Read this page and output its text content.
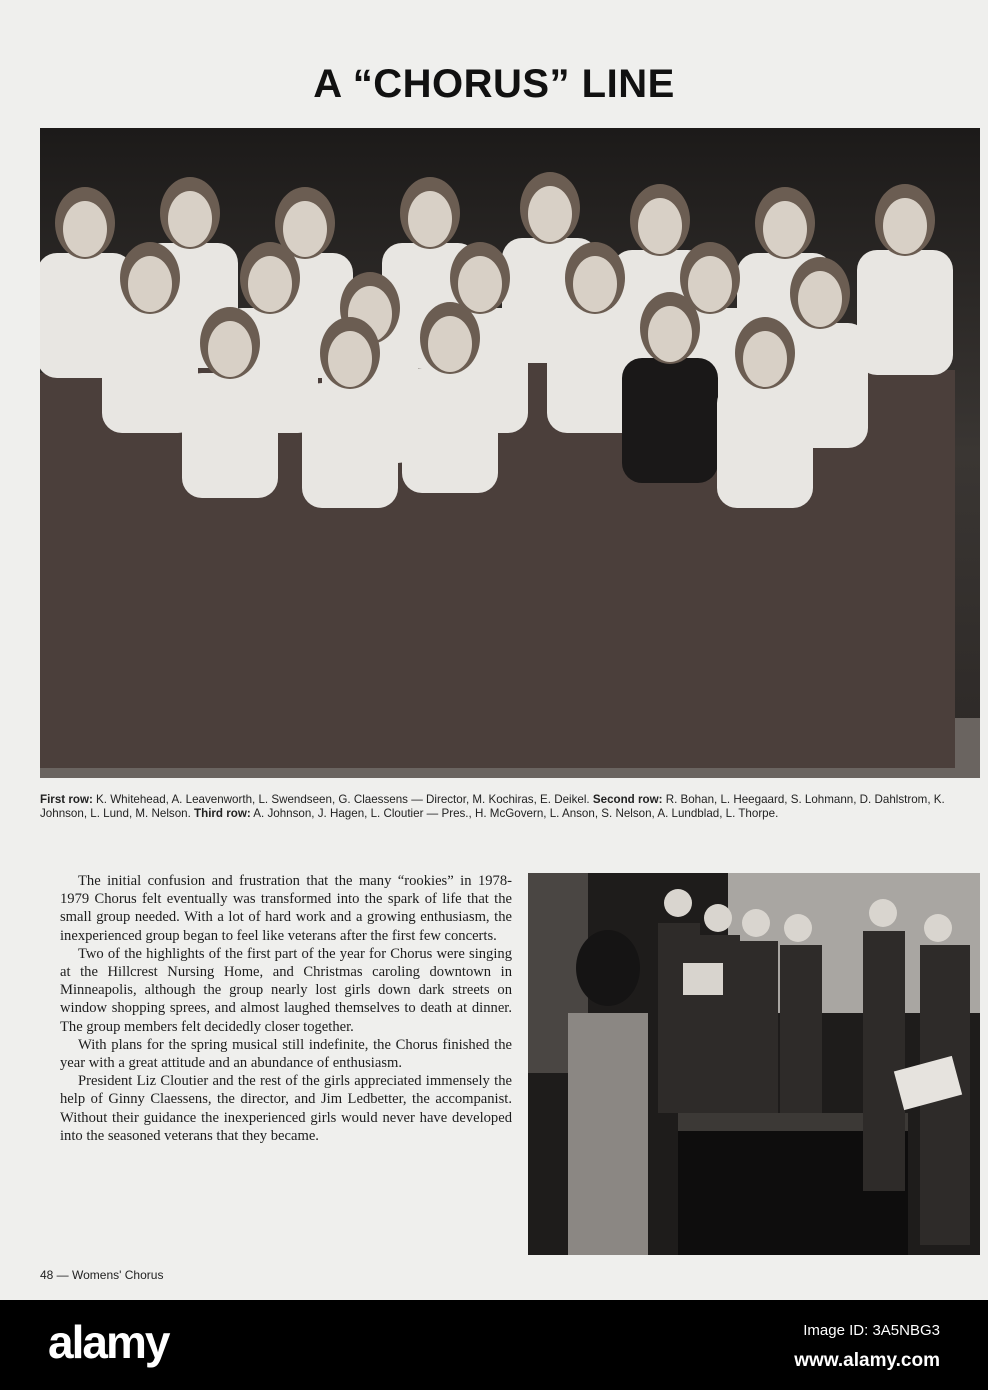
A “CHORUS” LINE
First row: K. Whitehead, A. Leavenworth, L. Swendseen, G. Claessens — Director, M. Kochiras, E. Deikel. Second row: R. Bohan, L. Heegaard, S. Lohmann, D. Dahlstrom, K. Johnson, L. Lund, M. Nelson. Third row: A. Johnson, J. Hagen, L. Cloutier — Pres., H. McGovern, L. Anson, S. Nelson, A. Lundblad, L. Thorpe.

The initial confusion and frustration that the many “rookies” in 1978-1979 Chorus felt eventually was transformed into the spark of life that the small group needed. With a lot of hard work and a growing enthusiasm, the inexperienced group began to feel like veterans after the first few concerts.

Two of the highlights of the first part of the year for Chorus were singing at the Hillcrest Nursing Home, and Christmas caroling downtown in Minneapolis, although the group nearly lost girls down dark streets on window shopping sprees, and almost laughed themselves to death at dinner. The group members felt decidedly closer together.

With plans for the spring musical still indefinite, the Chorus finished the year with a great attitude and an abundance of enthusiasm.

President Liz Cloutier and the rest of the girls appreciated immensely the help of Ginny Claessens, the director, and Jim Ledbetter, the accompanist. Without their guidance the inexperienced girls would never have developed into the seasoned veterans that they became.

48 — Womens' Chorus
alamy	Image ID: 3A5NBG3
www.alamy.com
